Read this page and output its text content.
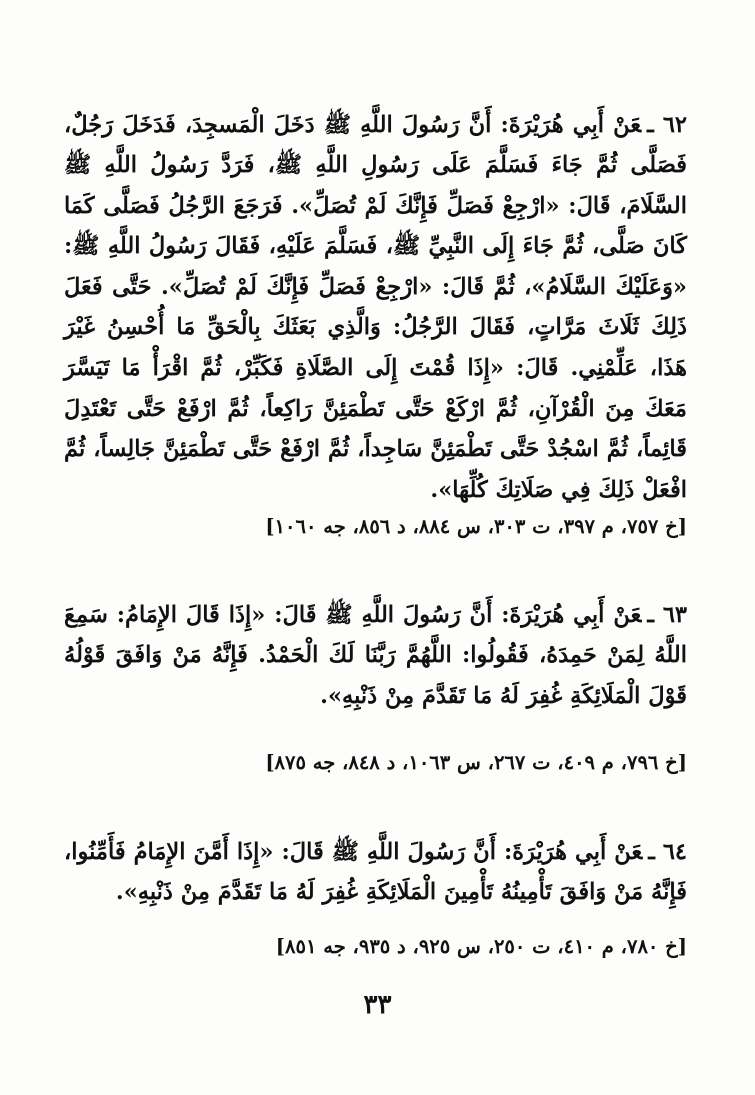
٦٢ ـعَنْ أَبِي هُرَيْرَةَ: أَنَّ رَسُولَ اللَّهِ ﷺ دَخَلَ الْمَسجِدَ، فَدَخَلَ رَجُلٌ، فَصَلَّى ثُمَّ جَاءَ فَسَلَّمَ عَلَى رَسُولِ اللَّهِ ﷺ، فَرَدَّ رَسُولُ اللَّهِ ﷺ السَّلَامَ، قَالَ: «ارْجِعْ فَصَلِّ فَإِنَّكَ لَمْ تُصَلِّ». فَرَجَعَ الرَّجُلُ فَصَلَّى كَمَا كَانَ صَلَّى، ثُمَّ جَاءَ إِلَى النَّبِيِّ ﷺ، فَسَلَّمَ عَلَيْهِ، فَقَالَ رَسُولُ اللَّهِ ﷺ: «وَعَلَيْكَ السَّلَامُ»، ثُمَّ قَالَ: «ارْجِعْ فَصَلِّ فَإِنَّكَ لَمْ تُصَلِّ». حَتَّى فَعَلَ ذَلِكَ ثَلَاثَ مَرَّاتٍ، فَقَالَ الرَّجُلُ: وَالَّذِي بَعَثَكَ بِالْحَقِّ مَا أُحْسِنُ غَيْرَ هَذَا، عَلِّمْنِي. قَالَ: «إِذَا قُمْتَ إِلَى الصَّلَاةِ فَكَبِّرْ، ثُمَّ اقْرَأْ مَا تَيَسَّرَ مَعَكَ مِنَ الْقُرْآنِ، ثُمَّ ارْكَعْ حَتَّى تَطْمَئِنَّ رَاكِعاً، ثُمَّ ارْفَعْ حَتَّى تَعْتَدِلَ قَائِماً، ثُمَّ اسْجُدْ حَتَّى تَطْمَئِنَّ سَاجِداً، ثُمَّ ارْفَعْ حَتَّى تَطْمَئِنَّ جَالِساً، ثُمَّ افْعَلْ ذَلِكَ فِي صَلَاتِكَ كُلِّهَا».

[خ ٧٥٧، م ٣٩٧، ت ٣٠٣، س ٨٨٤، د ٨٥٦، جه ١٠٦٠]

٦٣ ـعَنْ أَبِي هُرَيْرَةَ: أَنَّ رَسُولَ اللَّهِ ﷺ قَالَ: «إِذَا قَالَ الإِمَامُ: سَمِعَ اللَّهُ لِمَنْ حَمِدَهُ، فَقُولُوا: اللَّهُمَّ رَبَّنَا لَكَ الْحَمْدُ. فَإِنَّهُ مَنْ وَافَقَ قَوْلُهُ قَوْلَ الْمَلَائِكَةِ غُفِرَ لَهُ مَا تَقَدَّمَ مِنْ ذَنْبِهِ».

[خ ٧٩٦، م ٤٠٩، ت ٢٦٧، س ١٠٦٣، د ٨٤٨، جه ٨٧٥]

٦٤ ـعَنْ أَبِي هُرَيْرَةَ: أَنَّ رَسُولَ اللَّهِ ﷺ قَالَ: «إِذَا أَمَّنَ الإِمَامُ فَأَمِّنُوا، فَإِنَّهُ مَنْ وَافَقَ تَأْمِينُهُ تَأْمِينَ الْمَلَائِكَةِ غُفِرَ لَهُ مَا تَقَدَّمَ مِنْ ذَنْبِهِ».

[خ ٧٨٠، م ٤١٠، ت ٢٥٠، س ٩٢٥، د ٩٣٥، جه ٨٥١]
٣٣
